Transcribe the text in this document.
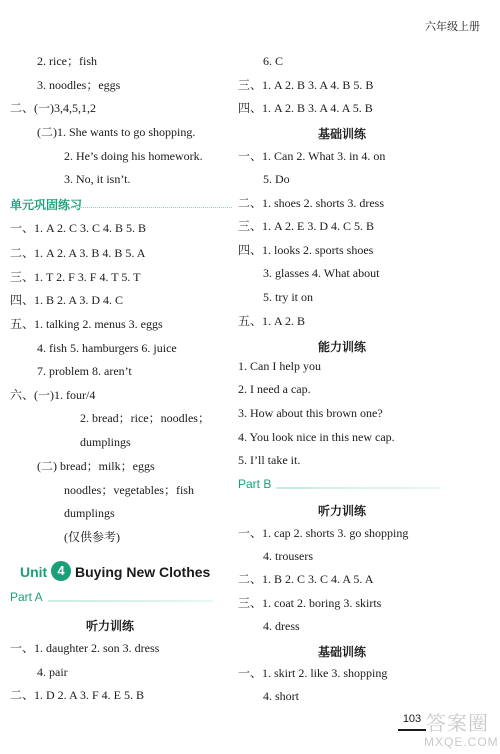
六年级上册
2. rice；fish
3. noodles；eggs
二、(一)3,4,5,1,2
(二)1. She wants to go shopping.
2. He’s doing his homework.
3. No, it isn’t.
单元巩固练习
一、1. A 2. C 3. C 4. B 5. B
二、1. A 2. A 3. B 4. B 5. A
三、1. T 2. F 3. F 4. T 5. T
四、1. B 2. A 3. D 4. C
五、1. talking 2. menus 3. eggs
4. fish 5. hamburgers 6. juice
7. problem 8. aren’t
六、(一)1. four/4
2. bread；rice；noodles；
dumplings
(二) bread；milk；eggs
noodles；vegetables；fish
dumplings
(仅供参考)
Unit 4 Buying New Clothes
Part A
听力训练
一、1. daughter 2. son 3. dress
4. pair
二、1. D 2. A 3. F 4. E 5. B
6. C
三、1. A 2. B 3. A 4. B 5. B
四、1. A 2. B 3. A 4. A 5. B
基础训练
一、1. Can 2. What 3. in 4. on
5. Do
二、1. shoes 2. shorts 3. dress
三、1. A 2. E 3. D 4. C 5. B
四、1. looks 2. sports shoes
3. glasses 4. What about
5. try it on
五、1. A 2. B
能力训练
1. Can I help you
2. I need a cap.
3. How about this brown one?
4. You look nice in this new cap.
5. I’ll take it.
Part B
听力训练
一、1. cap 2. shorts 3. go shopping
4. trousers
二、1. B 2. C 3. C 4. A 5. A
三、1. coat 2. boring 3. skirts
4. dress
基础训练
一、1. skirt 2. like 3. shopping
4. short
103 答案圈
MXQE.COM
